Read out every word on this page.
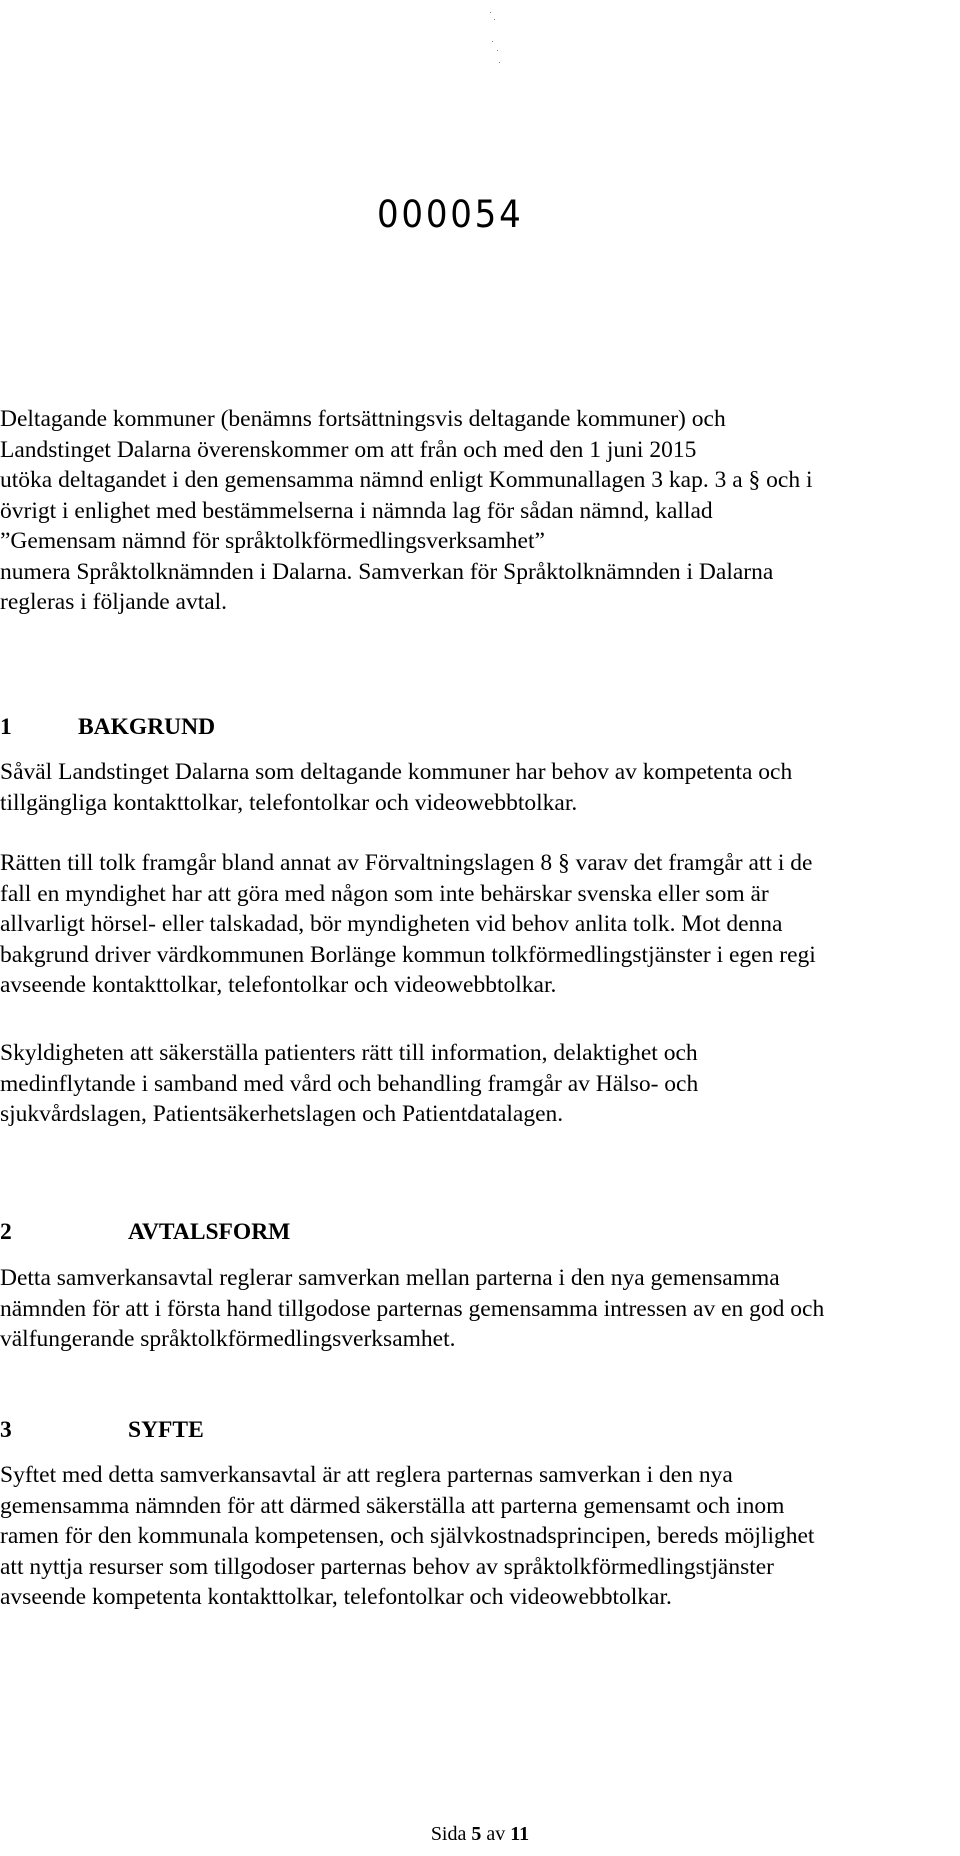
000054
Deltagande kommuner (benämns fortsättningsvis deltagande kommuner) och
Landstinget Dalarna överenskommer om att från och med den 1 juni 2015
utöka deltagandet i den gemensamma nämnd enligt Kommunallagen 3 kap. 3 a § och i
övrigt i enlighet med bestämmelserna i nämnda lag för sådan nämnd, kallad
”Gemensam nämnd för språktolkförmedlingsverksamhet”
numera Språktolknämnden i Dalarna. Samverkan för Språktolknämnden i Dalarna
regleras i följande avtal.
1	BAKGRUND
Såväl Landstinget Dalarna som deltagande kommuner har behov av kompetenta och
tillgängliga kontakttolkar, telefontolkar och videowebbtolkar.
Rätten till tolk framgår bland annat av Förvaltningslagen 8 § varav det framgår att i de
fall en myndighet har att göra med någon som inte behärskar svenska eller som är
allvarligt hörsel- eller talskadad, bör myndigheten vid behov anlita tolk. Mot denna
bakgrund driver värdkommunen Borlänge kommun tolkförmedlingstjänster i egen regi
avseende kontakttolkar, telefontolkar och videowebbtolkar.
Skyldigheten att säkerställa patienters rätt till information, delaktighet och
medinflytande i samband med vård och behandling framgår av Hälso- och
sjukvårdslagen, Patientsäkerhetslagen och Patientdatalagen.
2	AVTALSFORM
Detta samverkansavtal reglerar samverkan mellan parterna i den nya gemensamma
nämnden för att i första hand tillgodose parternas gemensamma intressen av en god och
välfungerande språktolkförmedlingsverksamhet.
3	SYFTE
Syftet med detta samverkansavtal är att reglera parternas samverkan i den nya
gemensamma nämnden för att därmed säkerställa att parterna gemensamt och inom
ramen för den kommunala kompetensen, och självkostnadsprincipen, bereds möjlighet
att nyttja resurser som tillgodoser parternas behov av språktolkförmedlingstjänster
avseende kompetenta kontakttolkar, telefontolkar och videowebbtolkar.
Sida 5 av 11
